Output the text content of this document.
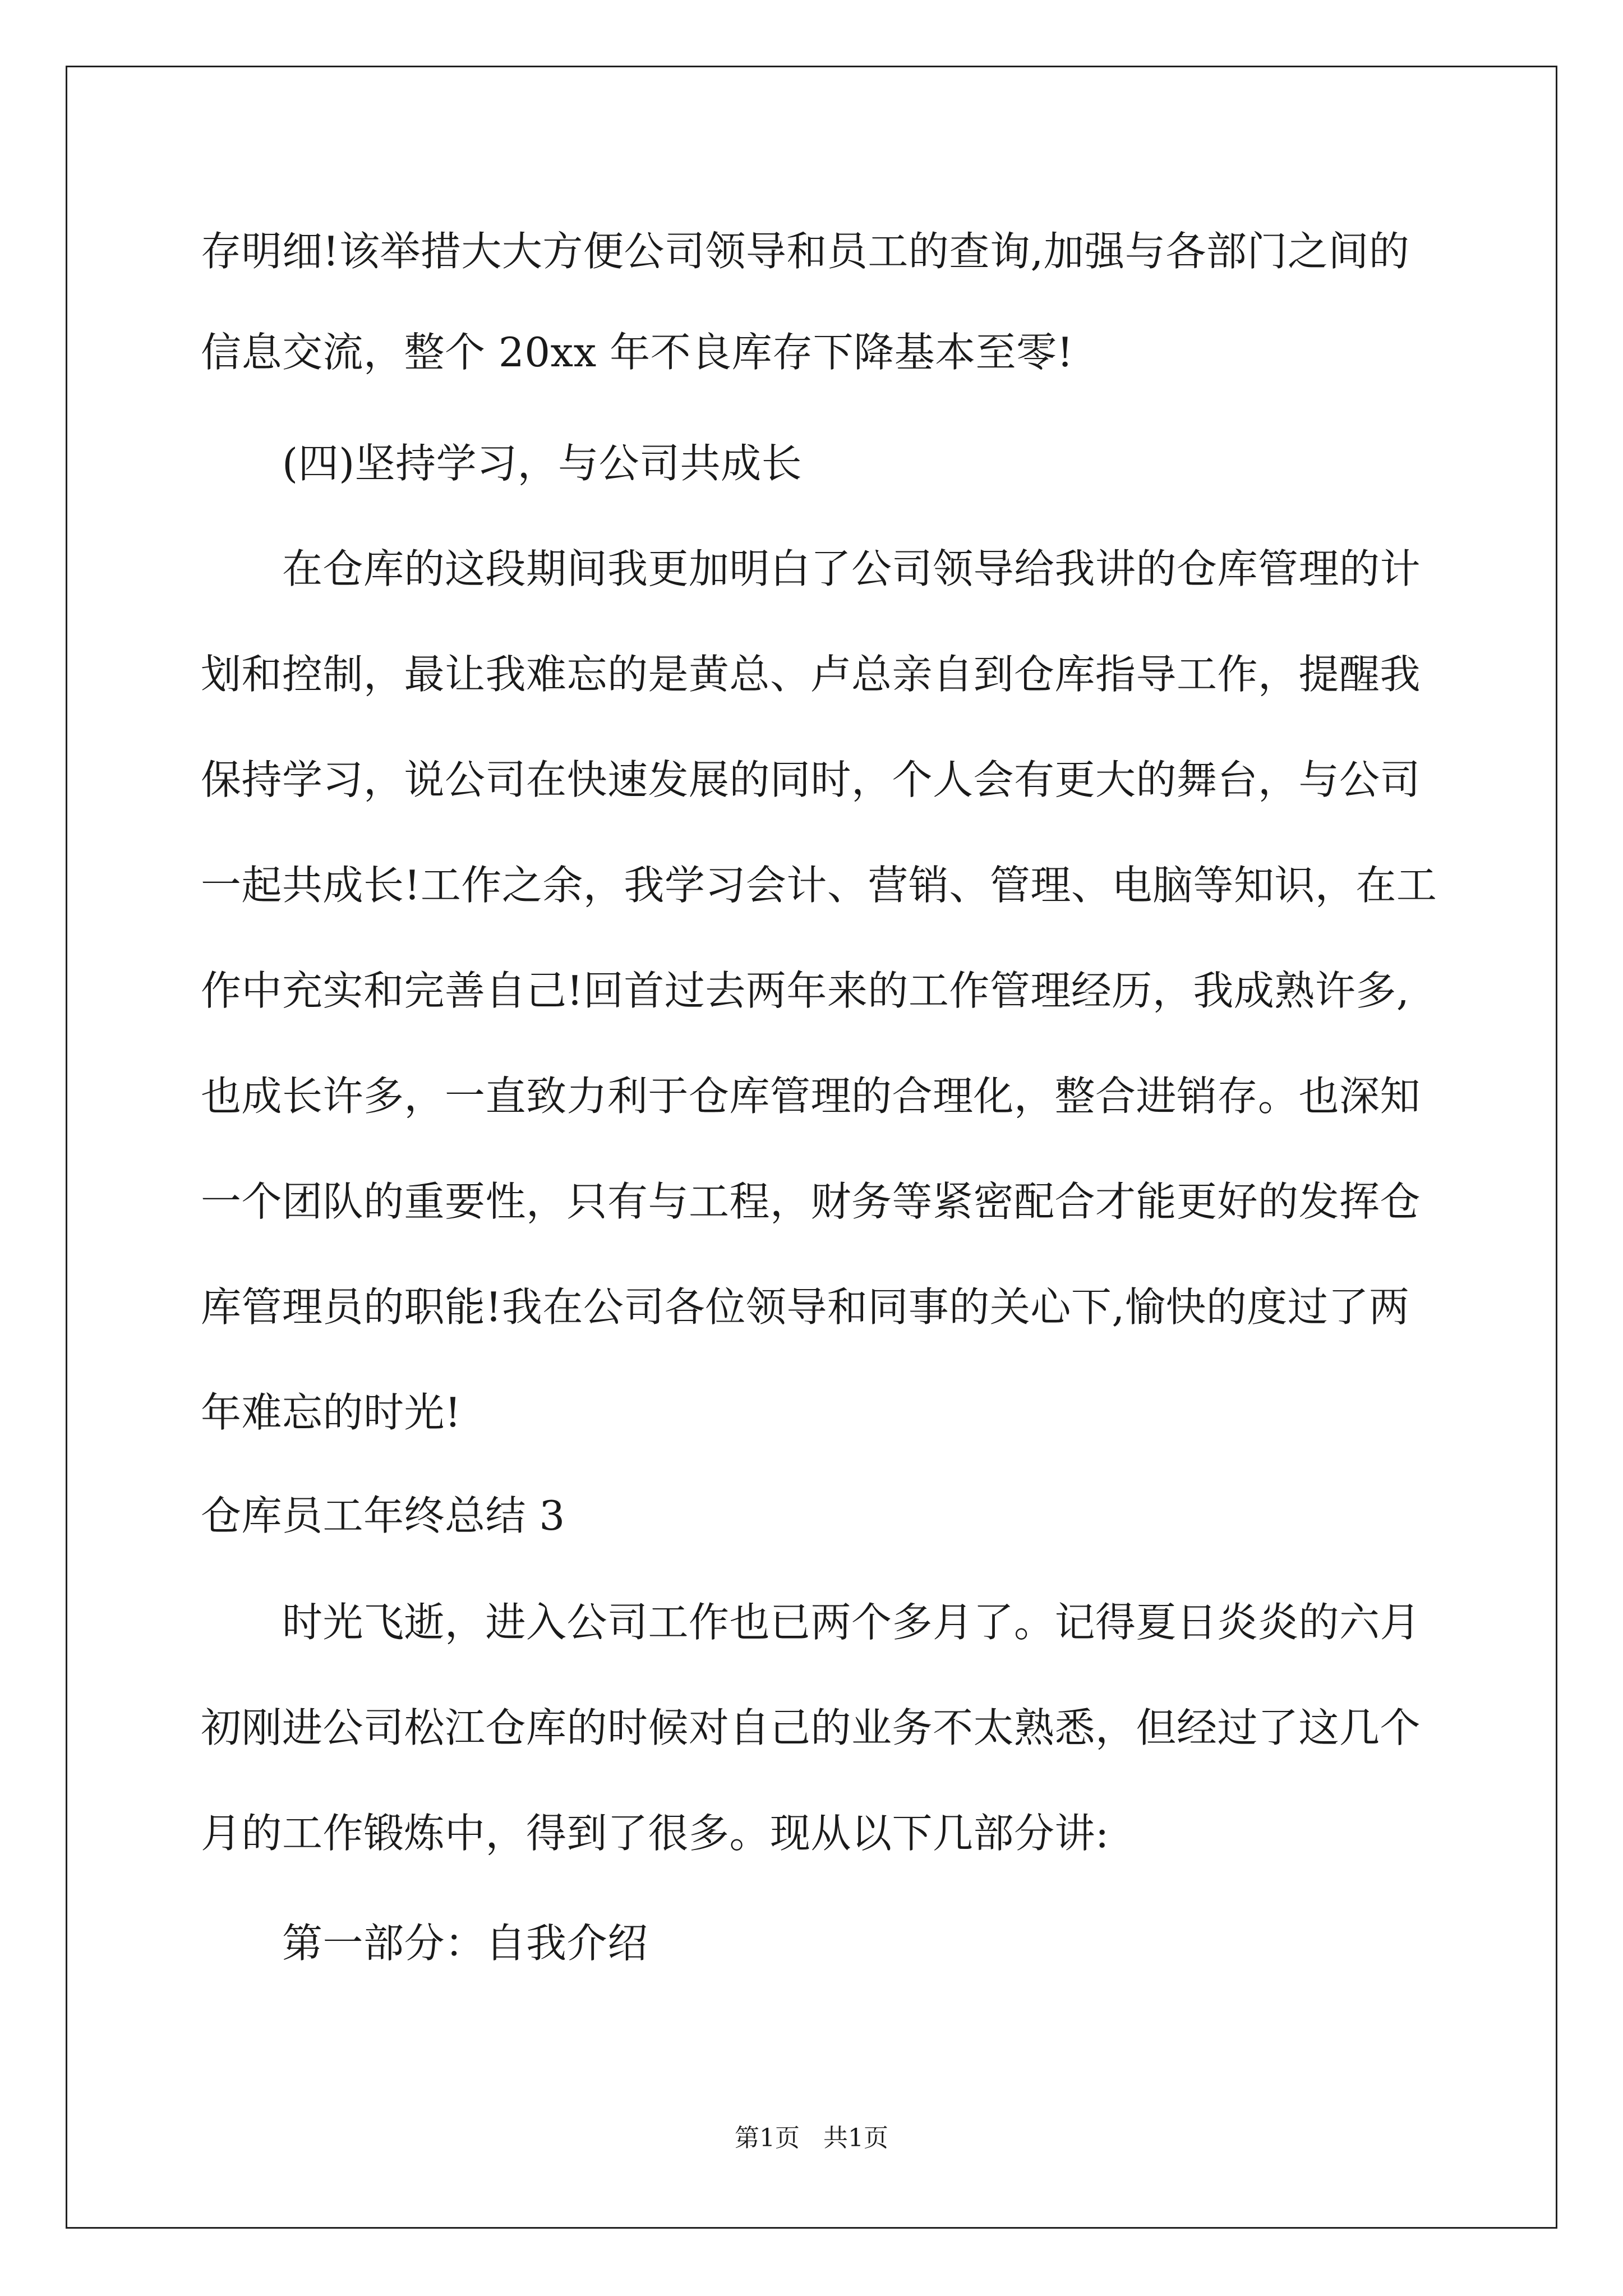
存明细!该举措大大方便公司领导和员工的查询,加强与各部门之间的
信息交流，整个 20xx 年不良库存下降基本至零!
(四)坚持学习，与公司共成长
在仓库的这段期间我更加明白了公司领导给我讲的仓库管理的计
划和控制，最让我难忘的是黄总、卢总亲自到仓库指导工作，提醒我
保持学习，说公司在快速发展的同时，个人会有更大的舞台，与公司
一起共成长!工作之余，我学习会计、营销、管理、电脑等知识，在工
作中充实和完善自己!回首过去两年来的工作管理经历，我成熟许多,
也成长许多，一直致力利于仓库管理的合理化，整合进销存。也深知
一个团队的重要性，只有与工程，财务等紧密配合才能更好的发挥仓
库管理员的职能!我在公司各位领导和同事的关心下,愉快的度过了两
年难忘的时光!
仓库员工年终总结 3
时光飞逝，进入公司工作也已两个多月了。记得夏日炎炎的六月
初刚进公司松江仓库的时候对自己的业务不太熟悉，但经过了这几个
月的工作锻炼中，得到了很多。现从以下几部分讲:
第一部分：自我介绍
第1页   共1页
